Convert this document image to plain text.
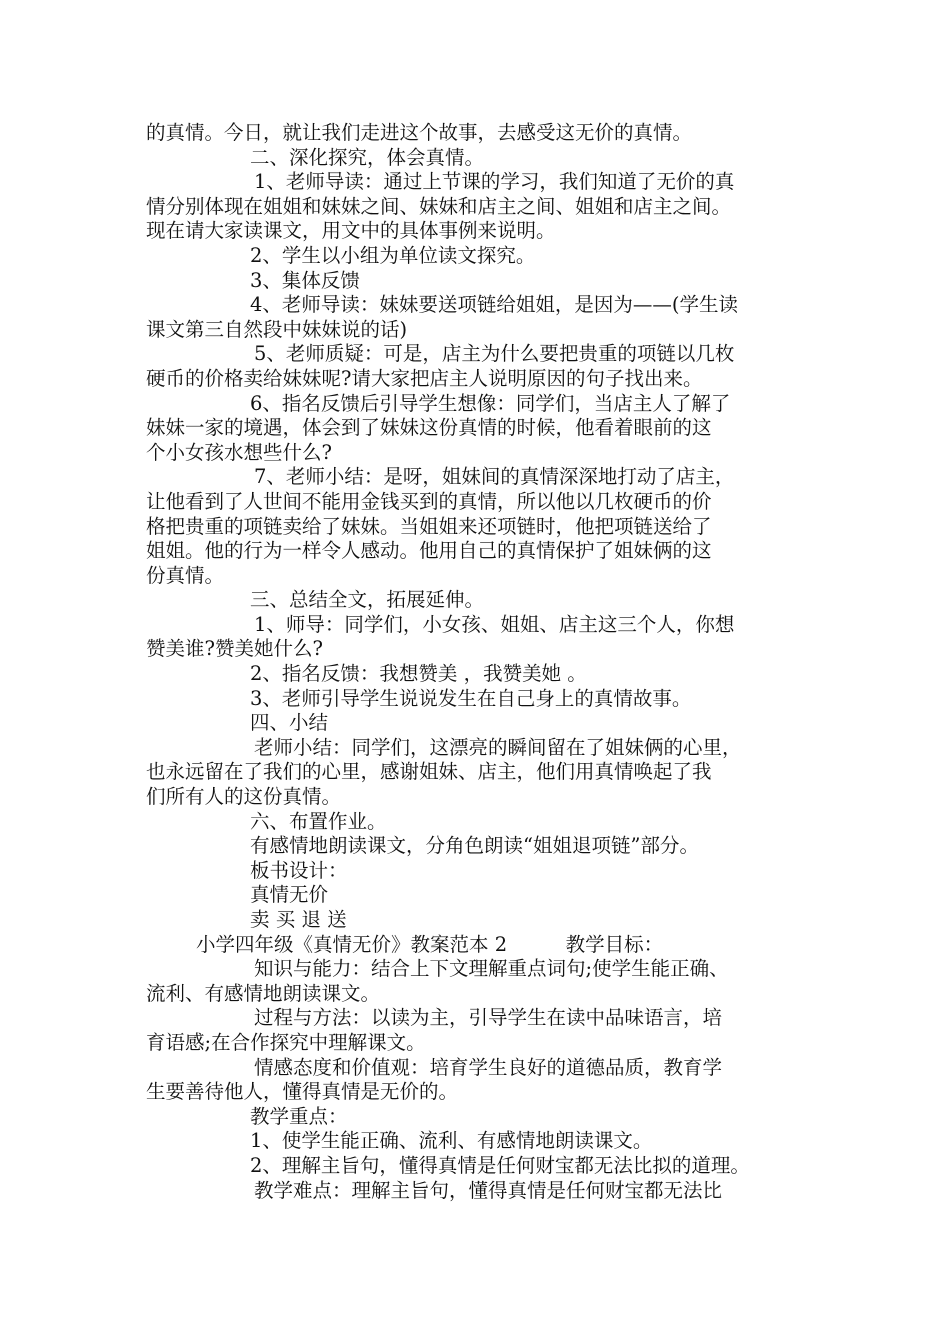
的真情。今日，就让我们走进这个故事，去感受这无价的真情。
二、深化探究，体会真情。
1、老师导读：通过上节课的学习，我们知道了无价的真
情分别体现在姐姐和妹妹之间、妹妹和店主之间、姐姐和店主之间。
现在请大家读课文，用文中的具体事例来说明。
2、学生以小组为单位读文探究。
3、集体反馈
4、老师导读：妹妹要送项链给姐姐，是因为——(学生读
课文第三自然段中妹妹说的话)
5、老师质疑：可是，店主为什么要把贵重的项链以几枚
硬币的价格卖给妹妹呢?请大家把店主人说明原因的句子找出来。
6、指名反馈后引导学生想像：同学们，当店主人了解了
妹妹一家的境遇，体会到了妹妹这份真情的时候，他看着眼前的这
个小女孩水想些什么?
7、老师小结：是呀，姐妹间的真情深深地打动了店主，
让他看到了人世间不能用金钱买到的真情，所以他以几枚硬币的价
格把贵重的项链卖给了妹妹。当姐姐来还项链时，他把项链送给了
姐姐。他的行为一样令人感动。他用自己的真情保护了姐妹俩的这
份真情。
三、总结全文，拓展延伸。
1、师导：同学们，小女孩、姐姐、店主这三个人，你想
赞美谁?赞美她什么?
2、指名反馈：我想赞美 ，我赞美她 。
3、老师引导学生说说发生在自己身上的真情故事。
四、小结
老师小结：同学们，这漂亮的瞬间留在了姐妹俩的心里，
也永远留在了我们的心里，感谢姐妹、店主，他们用真情唤起了我
们所有人的这份真情。
六、布置作业。
有感情地朗读课文，分角色朗读“姐姐退项链”部分。
板书设计：
真情无价
卖 买 退 送
小学四年级《真情无价》教案范本 2　　　教学目标：
知识与能力：结合上下文理解重点词句;使学生能正确、
流利、有感情地朗读课文。
过程与方法：以读为主，引导学生在读中品味语言，培
育语感;在合作探究中理解课文。
情感态度和价值观：培育学生良好的道德品质，教育学
生要善待他人，懂得真情是无价的。
教学重点：
1、使学生能正确、流利、有感情地朗读课文。
2、理解主旨句，懂得真情是任何财宝都无法比拟的道理。
教学难点：理解主旨句，懂得真情是任何财宝都无法比
